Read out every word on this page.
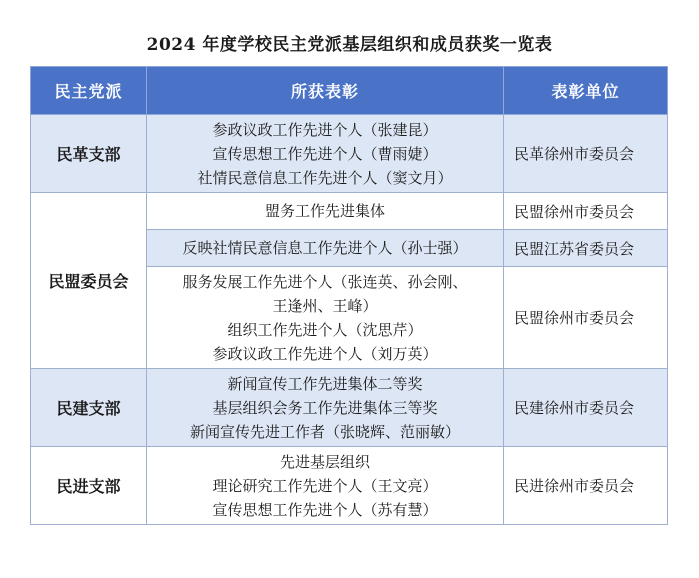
2024 年度学校民主党派基层组织和成员获奖一览表
民主党派	所获表彰	表彰单位
民革支部	参政议政工作先进个人（张建昆）
宣传思想工作先进个人（曹雨婕）
社情民意信息工作先进个人（窦文月）	民革徐州市委员会
民盟委员会	盟务工作先进集体	民盟徐州市委员会

	反映社情民意信息工作先进个人（孙士强）	民盟江苏省委员会

	服务发展工作先进个人（张连英、孙会刚、
王逢州、王峰）
组织工作先进个人（沈思芹）
参政议政工作先进个人（刘万英）	民盟徐州市委员会
民建支部	新闻宣传工作先进集体二等奖
基层组织会务工作先进集体三等奖
新闻宣传先进工作者（张晓辉、范丽敏）	民建徐州市委员会
民进支部	先进基层组织
理论研究工作先进个人（王文亮）
宣传思想工作先进个人（苏有慧）	民进徐州市委员会
